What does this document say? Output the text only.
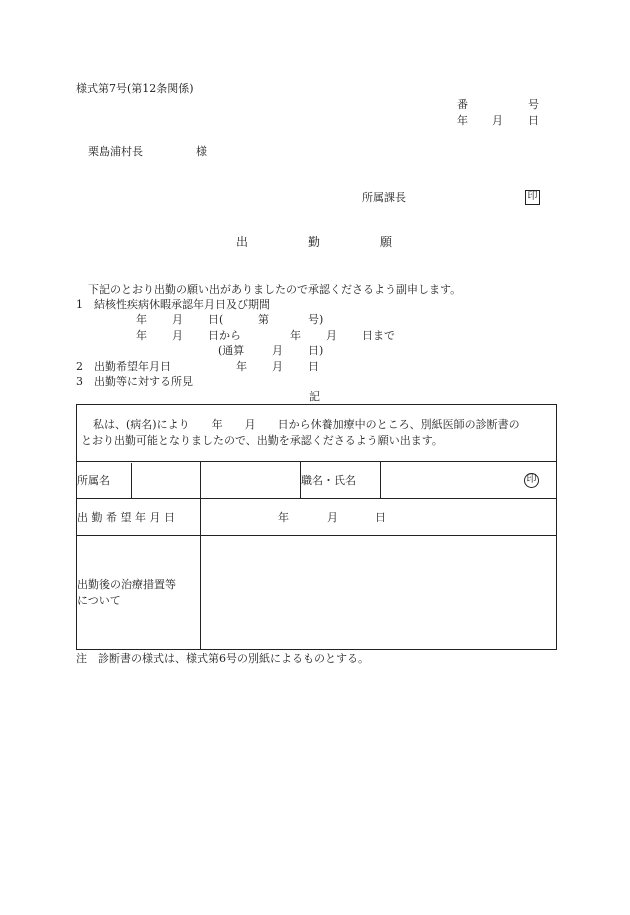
様式第7号(第12条関係)
番	号
年 月 日
栗島浦村長	様
所属課長	印
出	勤	願
下記のとおり出勤の願い出がありましたので承認くださるよう副申します。
1 結核性疾病休暇承認年月日及び期間
年 月 日(	第	号)
年 月 日から	年 月 日まで
(通算	月 日)
2 出勤希望年月日	年 月 日
3 出勤等に対する所見
記
私は、(病名)により　　年　　月　　日から休養加療中のところ、別紙医師の診断書の
とおり出勤可能となりましたので、出勤を承認くださるよう願い出ます。			

所属名		職名・氏名	印

出 勤 希 望 年 月 日	年 月 日		

出勤後の治療措置等
について			

注　診断書の様式は、様式第6号の別紙によるものとする。
